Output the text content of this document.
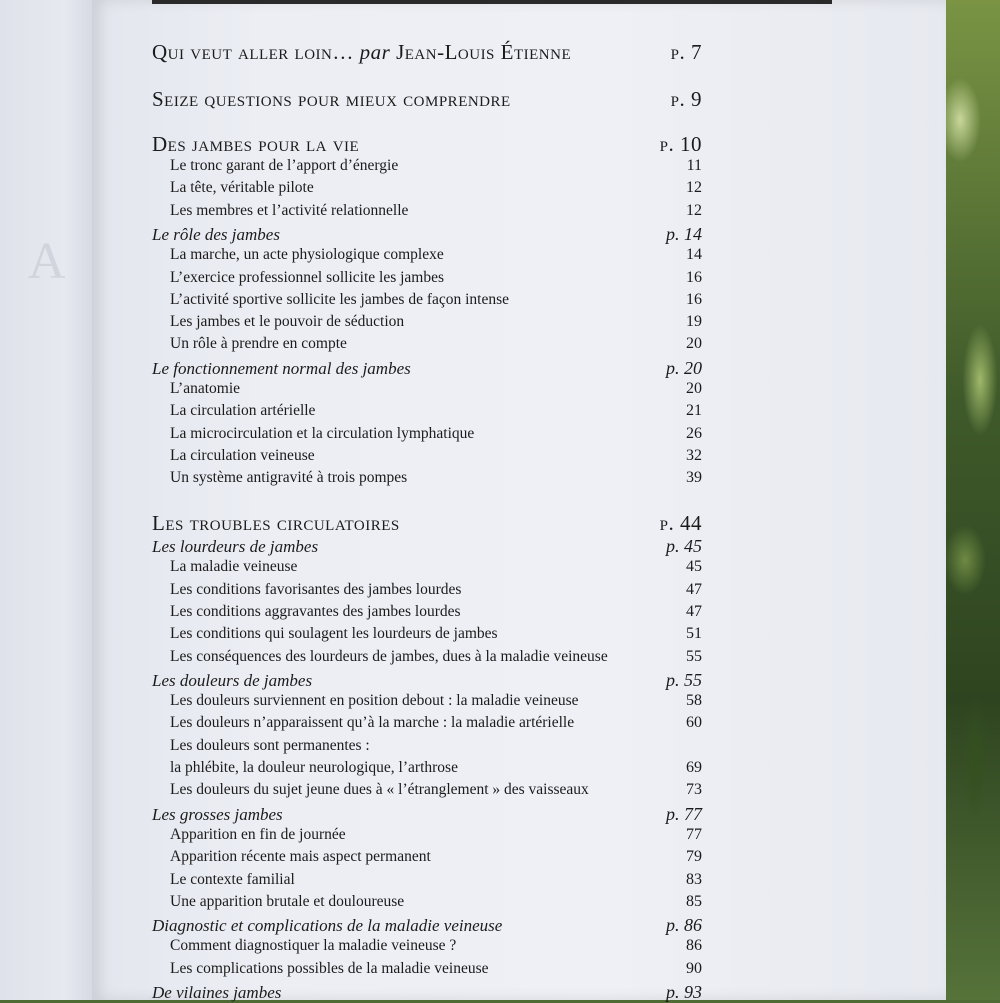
A
Qui veut aller loin… par Jean-Louis Étienne	p. 7
Seize questions pour mieux comprendre	p. 9
Des jambes pour la vie	p. 10
Le tronc garant de l’apport d’énergie	11
La tête, véritable pilote	12
Les membres et l’activité relationnelle	12
Le rôle des jambes	p. 14
La marche, un acte physiologique complexe	14
L’exercice professionnel sollicite les jambes	16
L’activité sportive sollicite les jambes de façon intense	16
Les jambes et le pouvoir de séduction	19
Un rôle à prendre en compte	20
Le fonctionnement normal des jambes	p. 20
L’anatomie	20
La circulation artérielle	21
La microcirculation et la circulation lymphatique	26
La circulation veineuse	32
Un système antigravité à trois pompes	39
Les troubles circulatoires	p. 44
Les lourdeurs de jambes	p. 45
La maladie veineuse	45
Les conditions favorisantes des jambes lourdes	47
Les conditions aggravantes des jambes lourdes	47
Les conditions qui soulagent les lourdeurs de jambes	51
Les conséquences des lourdeurs de jambes, dues à la maladie veineuse	55
Les douleurs de jambes	p. 55
Les douleurs surviennent en position debout : la maladie veineuse	58
Les douleurs n’apparaissent qu’à la marche : la maladie artérielle	60
Les douleurs sont permanentes :
la phlébite, la douleur neurologique, l’arthrose	69
Les douleurs du sujet jeune dues à « l’étranglement » des vaisseaux	73
Les grosses jambes	p. 77
Apparition en fin de journée	77
Apparition récente mais aspect permanent	79
Le contexte familial	83
Une apparition brutale et douloureuse	85
Diagnostic et complications de la maladie veineuse	p. 86
Comment diagnostiquer la maladie veineuse ?	86
Les complications possibles de la maladie veineuse	90
De vilaines jambes	p. 93
